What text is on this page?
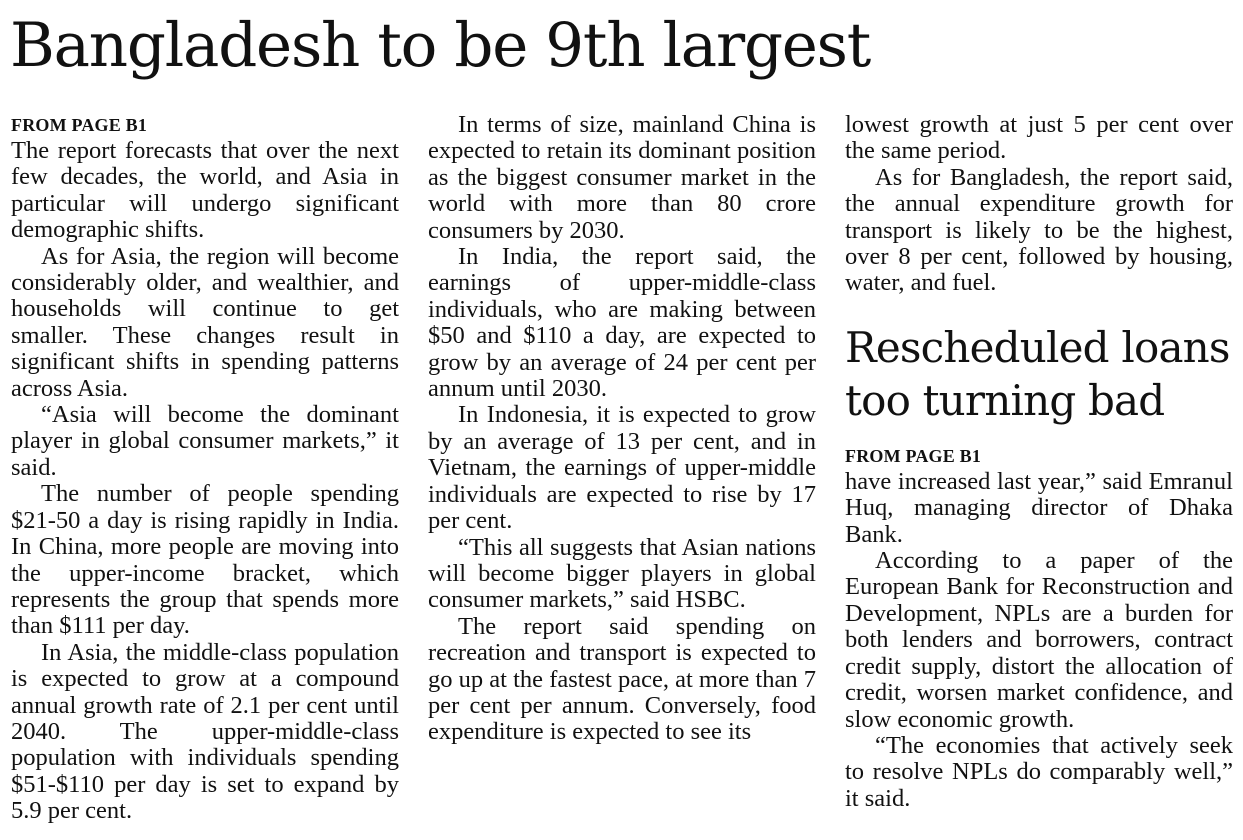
Bangladesh to be 9th largest
FROM PAGE B1

The report forecasts that over the next few decades, the world, and Asia in particular will undergo significant demographic shifts.

As for Asia, the region will become considerably older, and wealthier, and households will continue to get smaller. These changes result in significant shifts in spending patterns across Asia.

“Asia will become the dominant player in global consumer markets,” it said.

The number of people spending $21-50 a day is rising rapidly in India. In China, more people are moving into the upper-income bracket, which represents the group that spends more than $111 per day.

In Asia, the middle-class population is expected to grow at a compound annual growth rate of 2.1 per cent until 2040. The upper-middle-class population with individuals spending $51-$110 per day is set to expand by 5.9 per cent.

In terms of size, mainland China is expected to retain its dominant position as the biggest consumer market in the world with more than 80 crore consumers by 2030.

In India, the report said, the earnings of upper-middle-class individuals, who are making between $50 and $110 a day, are expected to grow by an average of 24 per cent per annum until 2030.

In Indonesia, it is expected to grow by an average of 13 per cent, and in Vietnam, the earnings of upper-middle individuals are expected to rise by 17 per cent.

“This all suggests that Asian nations will become bigger players in global consumer markets,” said HSBC.

The report said spending on recreation and transport is expected to go up at the fastest pace, at more than 7 per cent per annum. Conversely, food expenditure is expected to see its

lowest growth at just 5 per cent over the same period.

As for Bangladesh, the report said, the annual expenditure growth for transport is likely to be the highest, over 8 per cent, followed by housing, water, and fuel.

Rescheduled loans too turning bad
FROM PAGE B1

have increased last year,” said Emranul Huq, managing director of Dhaka Bank.

According to a paper of the European Bank for Reconstruction and Development, NPLs are a burden for both lenders and borrowers, contract credit supply, distort the allocation of credit, worsen market confidence, and slow economic growth.

“The economies that actively seek to resolve NPLs do comparably well,” it said.
